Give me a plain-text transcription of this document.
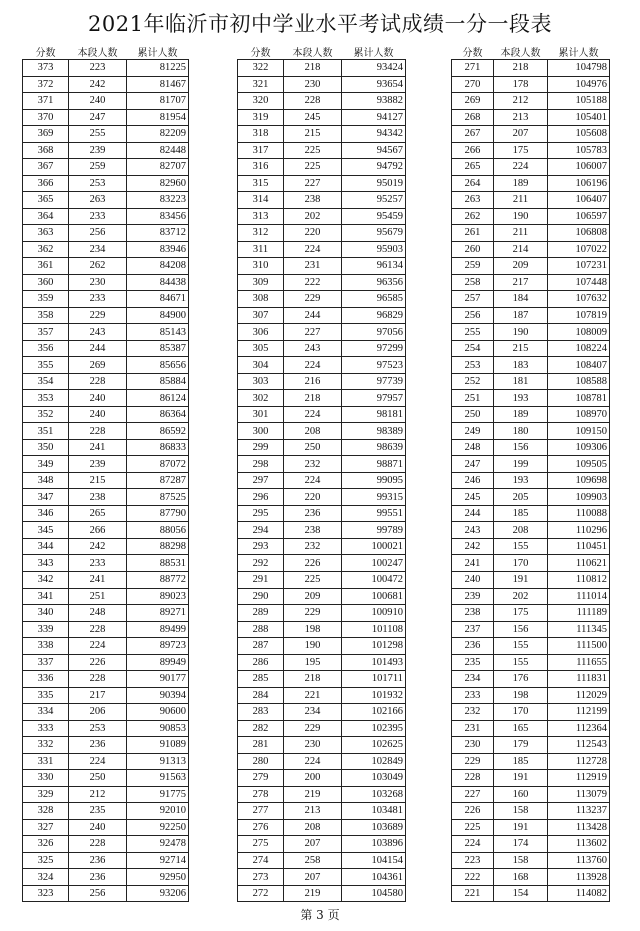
2021年临沂市初中学业水平考试成绩一分一段表
分数	本段人数	累计人数
373	223	81225
372	242	81467
371	240	81707
370	247	81954
369	255	82209
368	239	82448
367	259	82707
366	253	82960
365	263	83223
364	233	83456
363	256	83712
362	234	83946
361	262	84208
360	230	84438
359	233	84671
358	229	84900
357	243	85143
356	244	85387
355	269	85656
354	228	85884
353	240	86124
352	240	86364
351	228	86592
350	241	86833
349	239	87072
348	215	87287
347	238	87525
346	265	87790
345	266	88056
344	242	88298
343	233	88531
342	241	88772
341	251	89023
340	248	89271
339	228	89499
338	224	89723
337	226	89949
336	228	90177
335	217	90394
334	206	90600
333	253	90853
332	236	91089
331	224	91313
330	250	91563
329	212	91775
328	235	92010
327	240	92250
326	228	92478
325	236	92714
324	236	92950
323	256	93206
分数	本段人数	累计人数
322	218	93424
321	230	93654
320	228	93882
319	245	94127
318	215	94342
317	225	94567
316	225	94792
315	227	95019
314	238	95257
313	202	95459
312	220	95679
311	224	95903
310	231	96134
309	222	96356
308	229	96585
307	244	96829
306	227	97056
305	243	97299
304	224	97523
303	216	97739
302	218	97957
301	224	98181
300	208	98389
299	250	98639
298	232	98871
297	224	99095
296	220	99315
295	236	99551
294	238	99789
293	232	100021
292	226	100247
291	225	100472
290	209	100681
289	229	100910
288	198	101108
287	190	101298
286	195	101493
285	218	101711
284	221	101932
283	234	102166
282	229	102395
281	230	102625
280	224	102849
279	200	103049
278	219	103268
277	213	103481
276	208	103689
275	207	103896
274	258	104154
273	207	104361
272	219	104580
分数	本段人数	累计人数
271	218	104798
270	178	104976
269	212	105188
268	213	105401
267	207	105608
266	175	105783
265	224	106007
264	189	106196
263	211	106407
262	190	106597
261	211	106808
260	214	107022
259	209	107231
258	217	107448
257	184	107632
256	187	107819
255	190	108009
254	215	108224
253	183	108407
252	181	108588
251	193	108781
250	189	108970
249	180	109150
248	156	109306
247	199	109505
246	193	109698
245	205	109903
244	185	110088
243	208	110296
242	155	110451
241	170	110621
240	191	110812
239	202	111014
238	175	111189
237	156	111345
236	155	111500
235	155	111655
234	176	111831
233	198	112029
232	170	112199
231	165	112364
230	179	112543
229	185	112728
228	191	112919
227	160	113079
226	158	113237
225	191	113428
224	174	113602
223	158	113760
222	168	113928
221	154	114082
第 3 页
